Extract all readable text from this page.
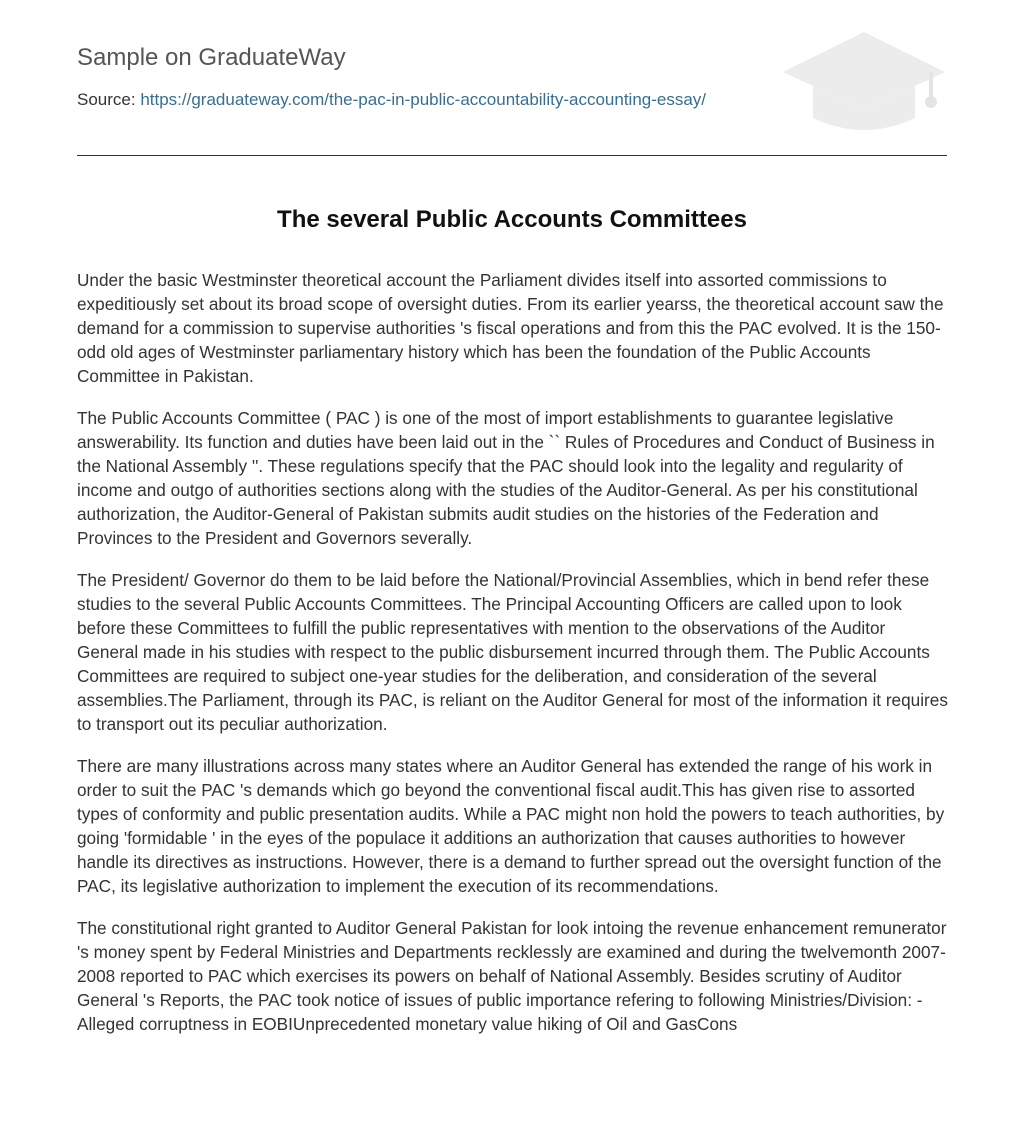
Sample on GraduateWay
Source: https://graduateway.com/the-pac-in-public-accountability-accounting-essay/
The several Public Accounts Committees

Under the basic Westminster theoretical account the Parliament divides itself into assorted commissions to expeditiously set about its broad scope of oversight duties. From its earlier yearss, the theoretical account saw the demand for a commission to supervise authorities 's fiscal operations and from this the PAC evolved. It is the 150-odd old ages of Westminster parliamentary history which has been the foundation of the Public Accounts Committee in Pakistan.

The Public Accounts Committee ( PAC ) is one of the most of import establishments to guarantee legislative answerability. Its function and duties have been laid out in the `` Rules of Procedures and Conduct of Business in the National Assembly ''. These regulations specify that the PAC should look into the legality and regularity of income and outgo of authorities sections along with the studies of the Auditor-General. As per his constitutional authorization, the Auditor-General of Pakistan submits audit studies on the histories of the Federation and Provinces to the President and Governors severally.

The President/ Governor do them to be laid before the National/Provincial Assemblies, which in bend refer these studies to the several Public Accounts Committees. The Principal Accounting Officers are called upon to look before these Committees to fulfill the public representatives with mention to the observations of the Auditor General made in his studies with respect to the public disbursement incurred through them. The Public Accounts Committees are required to subject one-year studies for the deliberation, and consideration of the several assemblies.The Parliament, through its PAC, is reliant on the Auditor General for most of the information it requires to transport out its peculiar authorization.

There are many illustrations across many states where an Auditor General has extended the range of his work in order to suit the PAC 's demands which go beyond the conventional fiscal audit.This has given rise to assorted types of conformity and public presentation audits. While a PAC might non hold the powers to teach authorities, by going 'formidable ' in the eyes of the populace it additions an authorization that causes authorities to however handle its directives as instructions. However, there is a demand to further spread out the oversight function of the PAC, its legislative authorization to implement the execution of its recommendations.

The constitutional right granted to Auditor General Pakistan for look intoing the revenue enhancement remunerator 's money spent by Federal Ministries and Departments recklessly are examined and during the twelvemonth 2007-2008 reported to PAC which exercises its powers on behalf of National Assembly. Besides scrutiny of Auditor General 's Reports, the PAC took notice of issues of public importance refering to following Ministries/Division: -Alleged corruptness in EOBIUnprecedented monetary value hiking of Oil and GasCons
